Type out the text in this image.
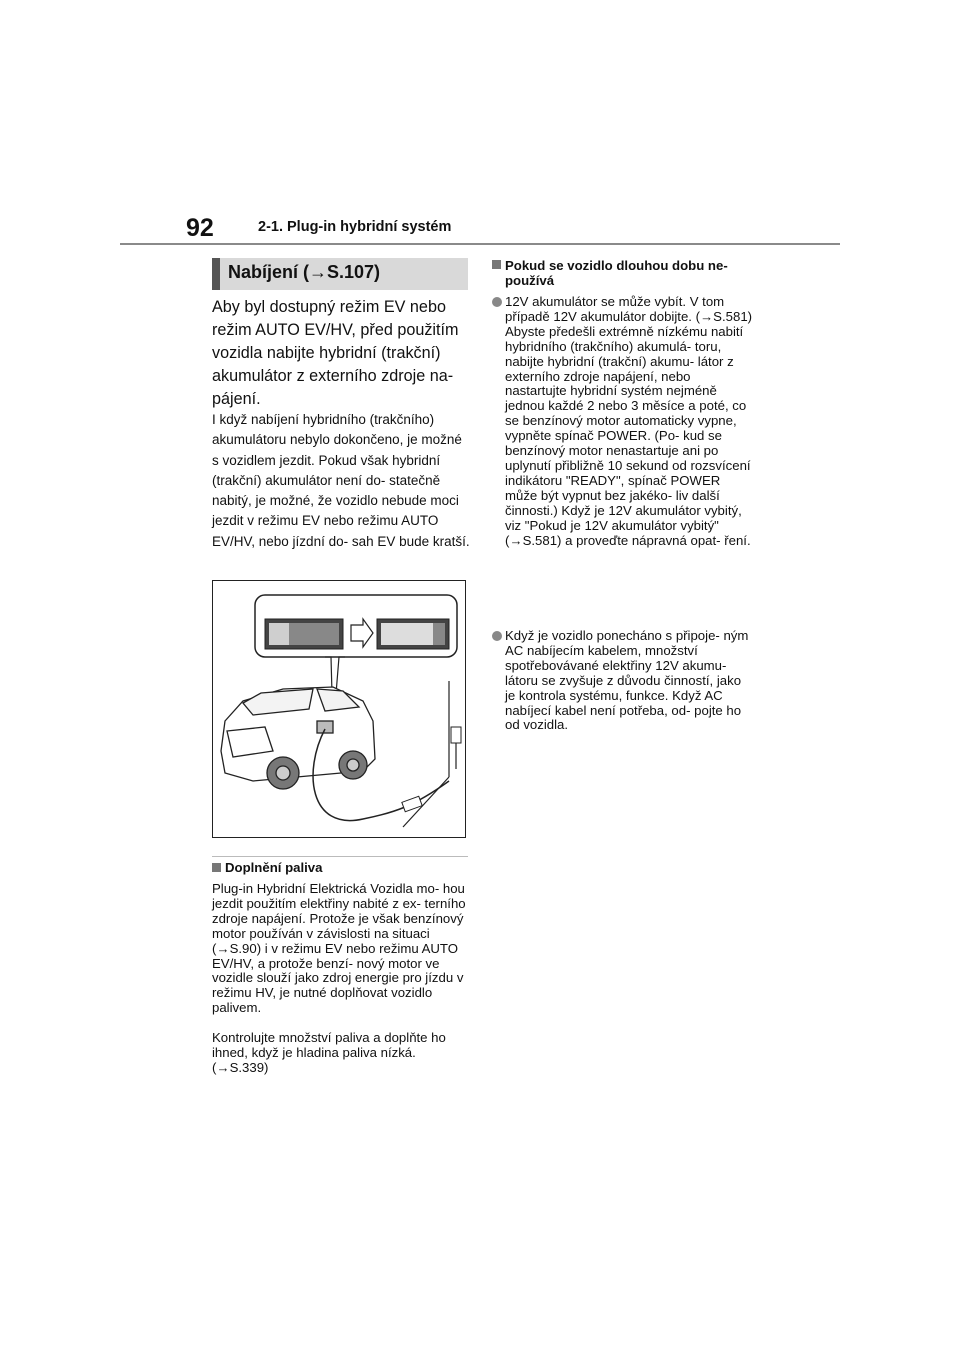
92	2-1. Plug-in hybridní systém
Nabíjení (→S.107)
Aby byl dostupný režim EV nebo režim AUTO EV/HV, před použitím vozidla nabijte hybridní (trakční) akumulátor z externího zdroje na- pájení.
I když nabíjení hybridního (trakčního) akumulátoru nebylo dokončeno, je možné s vozidlem jezdit. Pokud však hybridní (trakční) akumulátor není do- statečně nabitý, je možné, že vozidlo nebude moci jezdit v režimu EV nebo režimu AUTO EV/HV, nebo jízdní do- sah EV bude kratší.
Doplnění paliva
Plug-in Hybridní Elektrická Vozidla mo- hou jezdit použitím elektřiny nabité z ex- terního zdroje napájení. Protože je však benzínový motor používán v závislosti na situaci (→S.90) i v režimu EV nebo režimu AUTO EV/HV, a protože benzí- nový motor ve vozidle slouží jako zdroj energie pro jízdu v režimu HV, je nutné doplňovat vozidlo palivem.
Kontrolujte množství paliva a doplňte ho ihned, když je hladina paliva nízká. (→S.339)
Pokud se vozidlo dlouhou dobu ne- používá
12V akumulátor se může vybít. V tom případě 12V akumulátor dobijte. (→S.581) Abyste předešli extrémně nízkému nabití hybridního (trakčního) akumulá- toru, nabijte hybridní (trakční) akumu- látor z externího zdroje napájení, nebo nastartujte hybridní systém nejméně jednou každé 2 nebo 3 měsíce a poté, co se benzínový motor automaticky vypne, vypněte spínač POWER. (Po- kud se benzínový motor nenastartuje ani po uplynutí přibližně 10 sekund od rozsvícení indikátoru "READY", spínač POWER může být vypnut bez jakéko- liv další činnosti.) Když je 12V akumulátor vybitý, viz "Pokud je 12V akumulátor vybitý" (→S.581) a proveďte nápravná opat- ření.
Když je vozidlo ponecháno s připoje- ným AC nabíjecím kabelem, množství spotřebovávané elektřiny 12V akumu- látoru se zvyšuje z důvodu činností, jako je kontrola systému, funkce. Když AC nabíjecí kabel není potřeba, od- pojte ho od vozidla.
